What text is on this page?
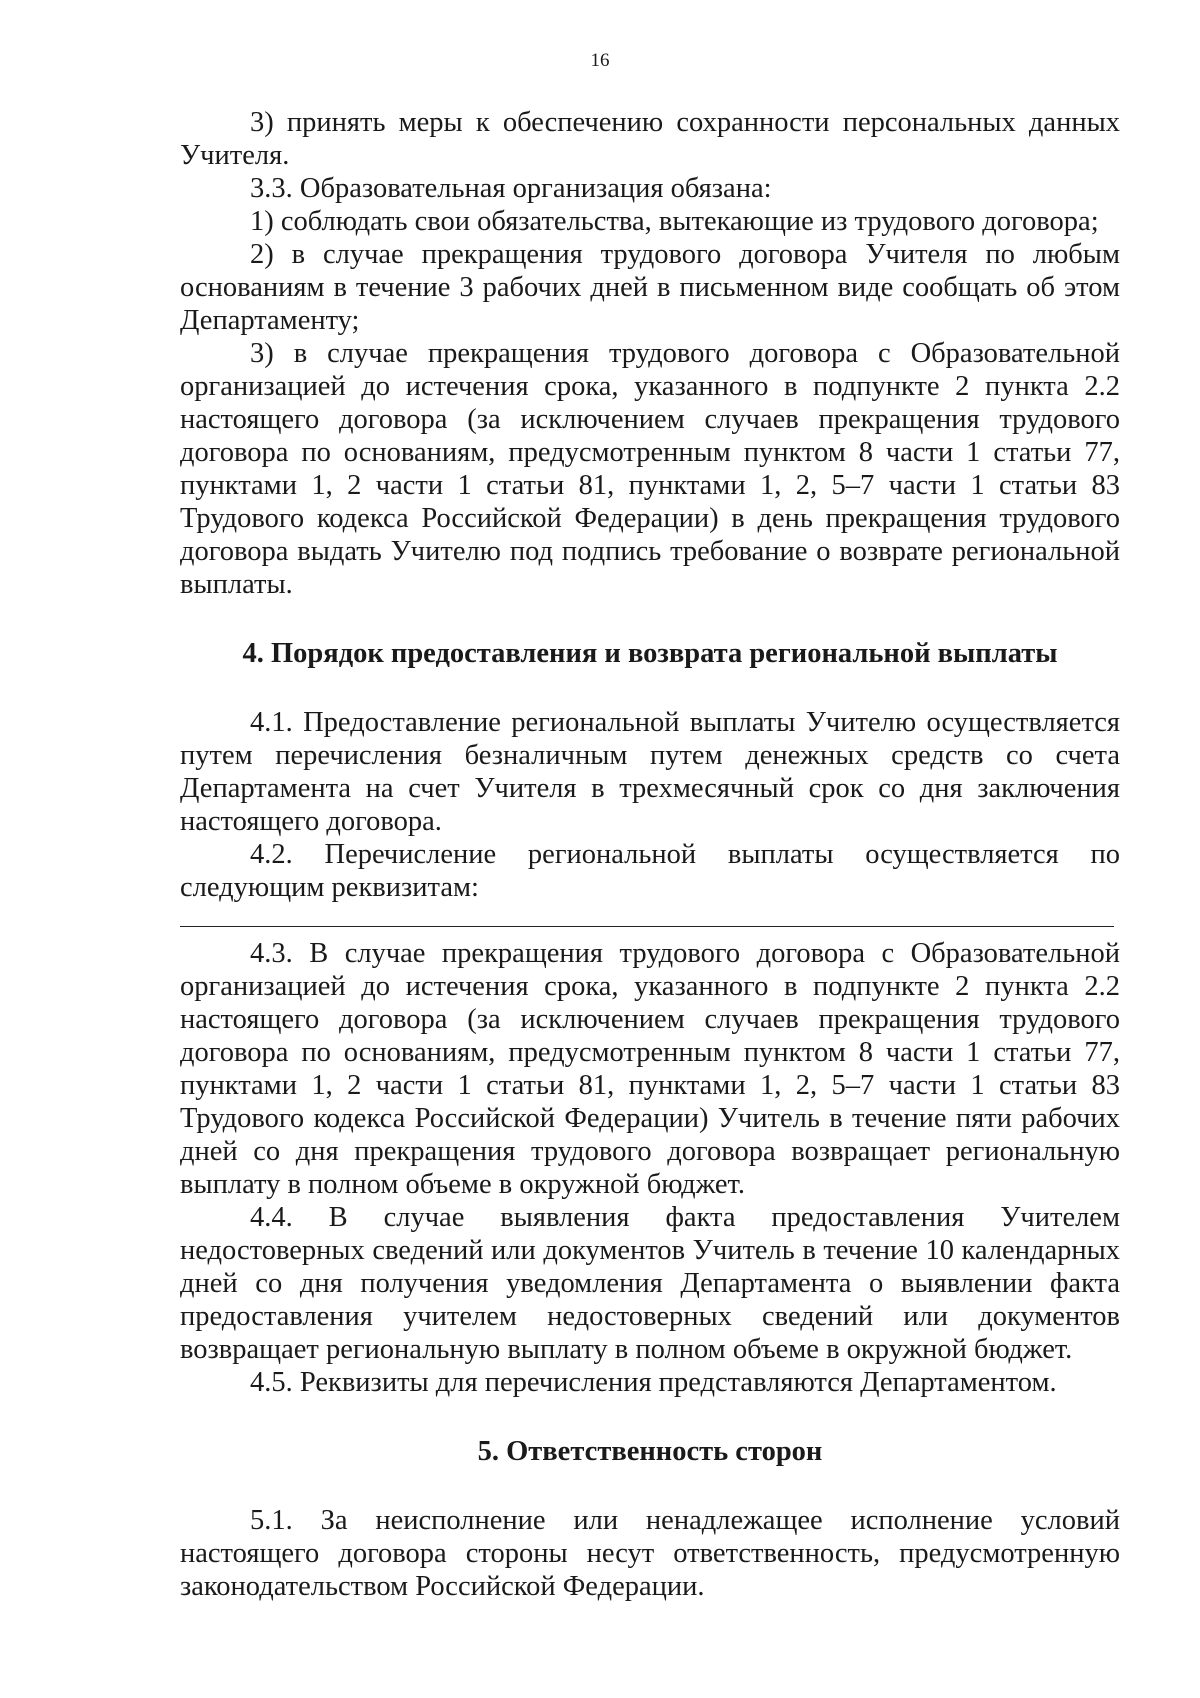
16

3) принять меры к обеспечению сохранности персональных данных Учителя.

3.3. Образовательная организация обязана:

1) соблюдать свои обязательства, вытекающие из трудового договора;

2) в случае прекращения трудового договора Учителя по любым основаниям в течение 3 рабочих дней в письменном виде сообщать об этом Департаменту;

3) в случае прекращения трудового договора с Образовательной организацией до истечения срока, указанного в подпункте 2 пункта 2.2 настоящего договора (за исключением случаев прекращения трудового договора по основаниям, предусмотренным пунктом 8 части 1 статьи 77, пунктами 1, 2 части 1 статьи 81, пунктами 1, 2, 5–7 части 1 статьи 83 Трудового кодекса Российской Федерации) в день прекращения трудового договора выдать Учителю под подпись требование о возврате региональной выплаты.

4. Порядок предоставления и возврата региональной выплаты

4.1. Предоставление региональной выплаты Учителю осуществляется путем перечисления безналичным путем денежных средств со счета Департамента на счет Учителя в трехмесячный срок со дня заключения настоящего договора.

4.2. Перечисление региональной выплаты осуществляется по следующим реквизитам:

4.3. В случае прекращения трудового договора с Образовательной организацией до истечения срока, указанного в подпункте 2 пункта 2.2 настоящего договора (за исключением случаев прекращения трудового договора по основаниям, предусмотренным пунктом 8 части 1 статьи 77, пунктами 1, 2 части 1 статьи 81, пунктами 1, 2, 5–7 части 1 статьи 83 Трудового кодекса Российской Федерации) Учитель в течение пяти рабочих дней со дня прекращения трудового договора возвращает региональную выплату в полном объеме в окружной бюджет.

4.4. В случае выявления факта предоставления Учителем недостоверных сведений или документов Учитель в течение 10 календарных дней со дня получения уведомления Департамента о выявлении факта предоставления учителем недостоверных сведений или документов возвращает региональную выплату в полном объеме в окружной бюджет.

4.5. Реквизиты для перечисления представляются Департаментом.

5. Ответственность сторон

5.1. За неисполнение или ненадлежащее исполнение условий настоящего договора стороны несут ответственность, предусмотренную законодательством Российской Федерации.
